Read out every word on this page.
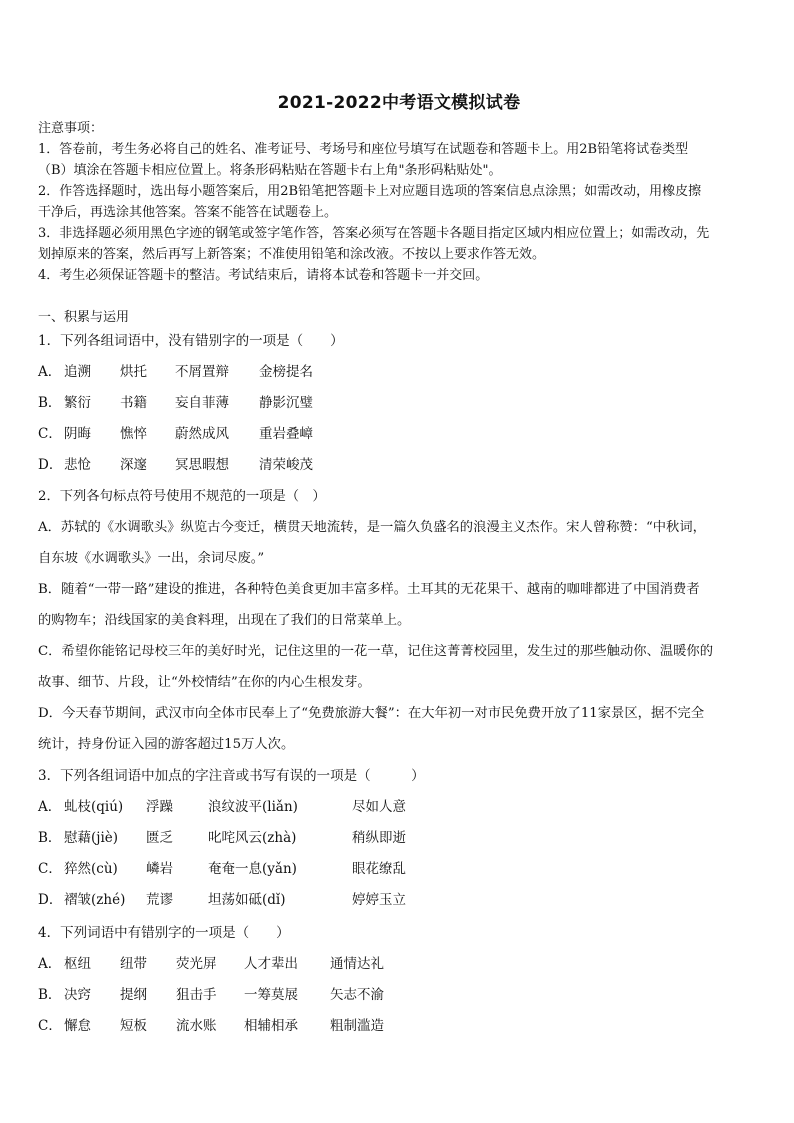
2021-2022中考语文模拟试卷

注意事项：

1．答卷前，考生务必将自己的姓名、准考证号、考场号和座位号填写在试题卷和答题卡上。用2B铅笔将试卷类型

（B）填涂在答题卡相应位置上。将条形码粘贴在答题卡右上角"条形码粘贴处"。

2．作答选择题时，选出每小题答案后，用2B铅笔把答题卡上对应题目选项的答案信息点涂黑；如需改动，用橡皮擦

干净后，再选涂其他答案。答案不能答在试题卷上。

3．非选择题必须用黑色字迹的钢笔或签字笔作答，答案必须写在答题卡各题目指定区域内相应位置上；如需改动，先

划掉原来的答案，然后再写上新答案；不准使用铅笔和涂改液。不按以上要求作答无效。

4．考生必须保证答题卡的整洁。考试结束后，请将本试卷和答题卡一并交回。

一、积累与运用
1．下列各组词语中，没有错别字的一项是（　　）
A． 追溯	烘托	不屑置辩	金榜提名
B． 繁衍	书籍	妄自菲薄	静影沉璧
C． 阴晦	憔悴	蔚然成风	重岩叠嶂
D． 悲怆	深邃	冥思暇想	清荣峻茂
2．下列各句标点符号使用不规范的一项是（　）
A．苏轼的《水调歌头》纵览古今变迁，横贯天地流转，是一篇久负盛名的浪漫主义杰作。宋人曾称赞：“中秋词，
自东坡《水调歌头》一出，余词尽废。”
B．随着“一带一路”建设的推进，各种特色美食更加丰富多样。土耳其的无花果干、越南的咖啡都进了中国消费者
的购物车；沿线国家的美食料理，出现在了我们的日常菜单上。
C．希望你能铭记母校三年的美好时光，记住这里的一花一草，记住这菁菁校园里，发生过的那些触动你、温暖你的
故事、细节、片段，让“外校情结”在你的内心生根发芽。
D．今天春节期间，武汉市向全体市民奉上了“免费旅游大餐”：在大年初一对市民免费开放了11家景区，据不完全
统计，持身份证入园的游客超过15万人次。
3．下列各组词语中加点的字注音或书写有误的一项是（　　　）
A． 虬枝(qiú)	浮躁	浪纹波平(liǎn)	尽如人意
B． 慰藉(jiè)	匮乏	叱咤风云(zhà)	稍纵即逝
C． 猝然(cù)	嶙岩	奄奄一息(yǎn)	眼花缭乱
D． 褶皱(zhé)	荒谬	坦荡如砥(dǐ)	婷婷玉立
4．下列词语中有错别字的一项是（　　）
A． 枢纽	纽带	荧光屏	人才辈出	通情达礼
B． 决窍	提纲	狙击手	一筹莫展	矢志不渝
C． 懈怠	短板	流水账	相辅相承	粗制滥造
